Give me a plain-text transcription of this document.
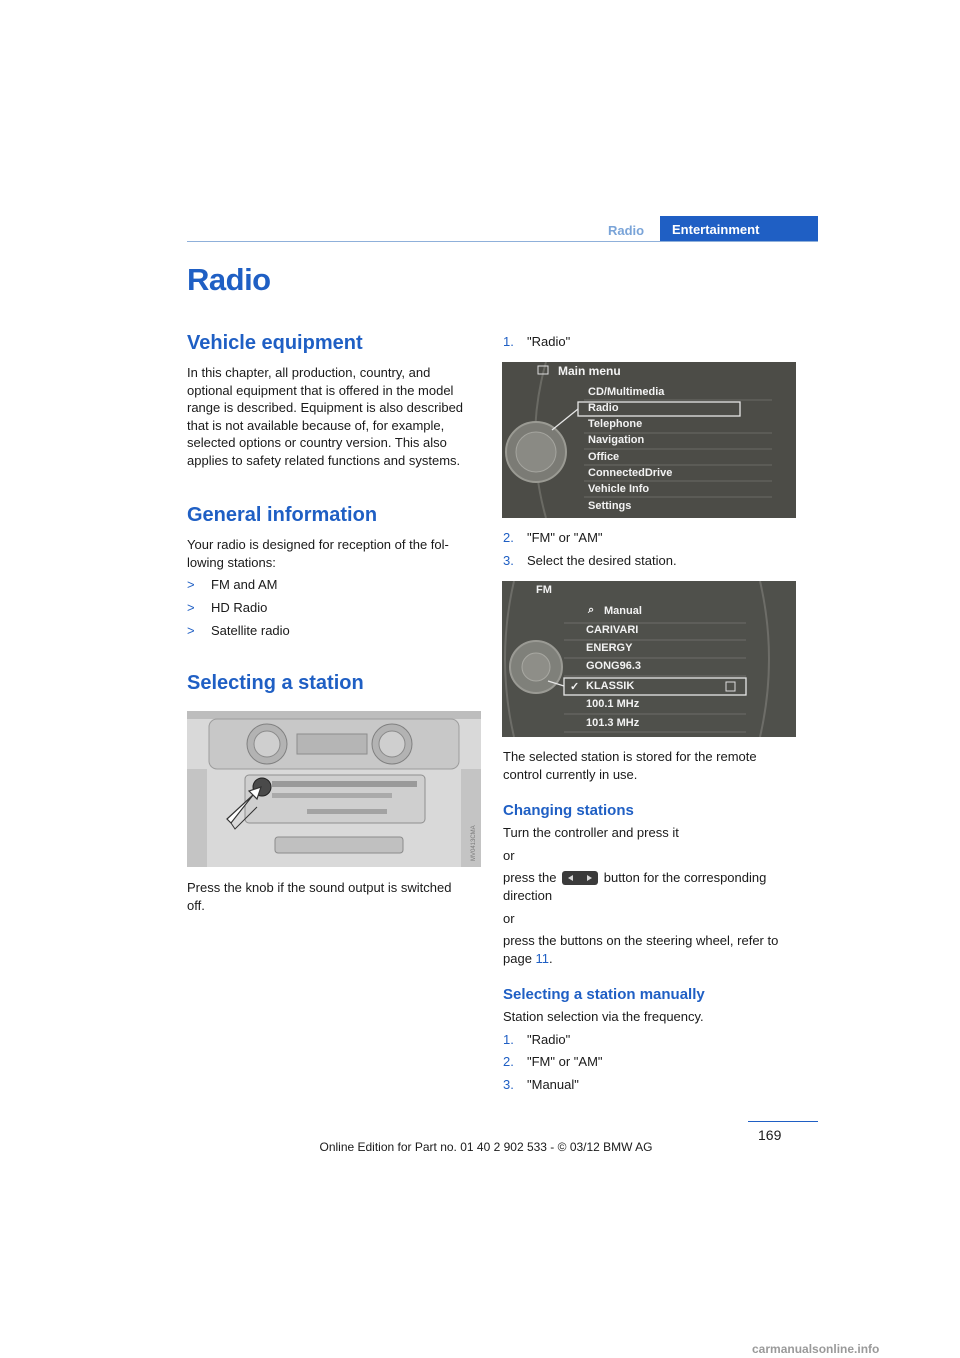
Radio	Entertainment
Radio
Vehicle equipment
In this chapter, all production, country, and
optional equipment that is offered in the model
range is described. Equipment is also described
that is not available because of, for example,
selected options or country version. This also
applies to safety related functions and systems.
General information
Your radio is designed for reception of the fol-
lowing stations:
> FM and AM
> HD Radio
> Satellite radio
Selecting a station
MV0413CMA
Press the knob if the sound output is switched
off.
1. "Radio"
Main menu
CD/Multimedia
Radio
Telephone
Navigation
Office
ConnectedDrive
Vehicle Info
Settings
2. "FM" or "AM"
3. Select the desired station.
FM
⌕ Manual
CARIVARI
ENERGY
GONG96.3
✓ KLASSIK
100.1 MHz
101.3 MHz
The selected station is stored for the remote
control currently in use.
Changing stations
Turn the controller and press it
or
press the	button for the corresponding
direction
or
press the buttons on the steering wheel, refer to
page 11.
Selecting a station manually
Station selection via the frequency.
1. "Radio"
2. "FM" or "AM"
3. "Manual"
169
Online Edition for Part no. 01 40 2 902 533 - © 03/12 BMW AG
carmanualsonline.info
